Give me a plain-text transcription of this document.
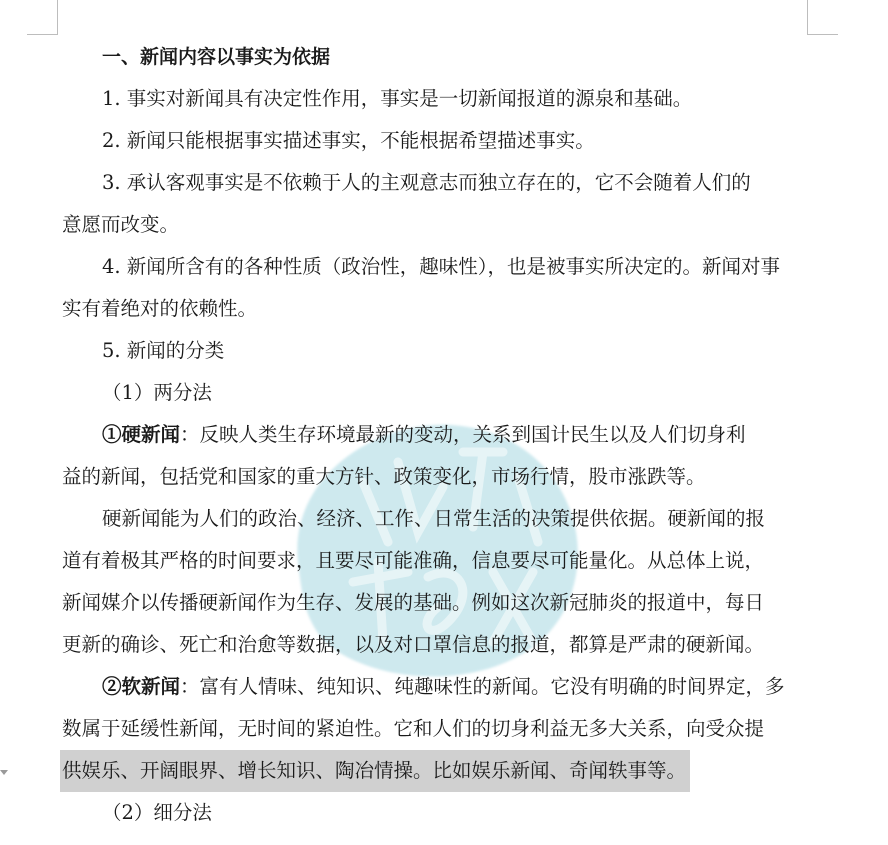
一、新闻内容以事实为依据
1. 事实对新闻具有决定性作用，事实是一切新闻报道的源泉和基础。
2. 新闻只能根据事实描述事实，不能根据希望描述事实。
3. 承认客观事实是不依赖于人的主观意志而独立存在的，它不会随着人们的
意愿而改变。
4. 新闻所含有的各种性质（政治性，趣味性），也是被事实所决定的。新闻对事
实有着绝对的依赖性。
5. 新闻的分类
（1）两分法
①硬新闻：反映人类生存环境最新的变动，关系到国计民生以及人们切身利
益的新闻，包括党和国家的重大方针、政策变化，市场行情，股市涨跌等。
硬新闻能为人们的政治、经济、工作、日常生活的决策提供依据。硬新闻的报
道有着极其严格的时间要求，且要尽可能准确，信息要尽可能量化。从总体上说，
新闻媒介以传播硬新闻作为生存、发展的基础。例如这次新冠肺炎的报道中，每日
更新的确诊、死亡和治愈等数据，以及对口罩信息的报道，都算是严肃的硬新闻。
②软新闻：富有人情味、纯知识、纯趣味性的新闻。它没有明确的时间界定，多
数属于延缓性新闻，无时间的紧迫性。它和人们的切身利益无多大关系，向受众提
供娱乐、开阔眼界、增长知识、陶冶情操。比如娱乐新闻、奇闻轶事等。
（2）细分法
